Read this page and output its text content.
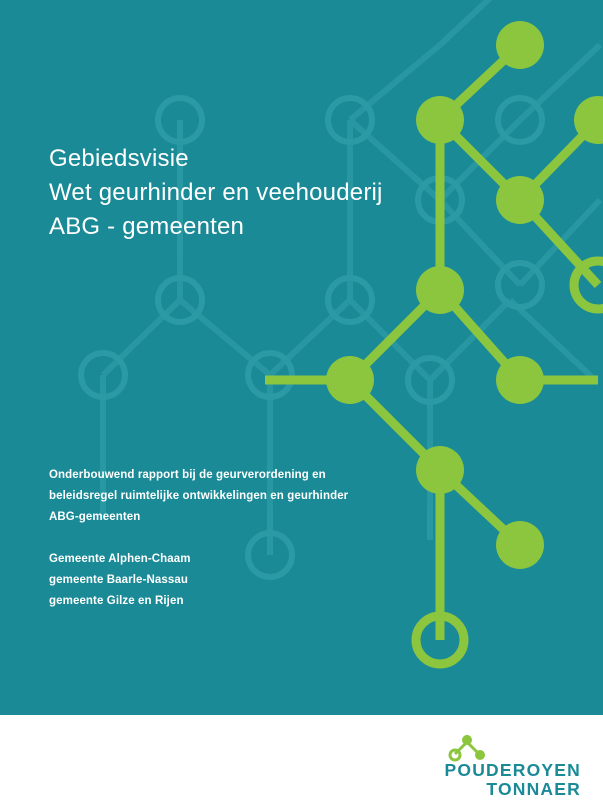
Gebiedsvisie
Wet geurhinder en veehouderij
ABG - gemeenten
Onderbouwend rapport bij de geurverordening en
beleidsregel ruimtelijke ontwikkelingen en geurhinder
ABG-gemeenten
Gemeente Alphen-Chaam
gemeente Baarle-Nassau
gemeente Gilze en Rijen
POUDEROYEN
TONNAER
